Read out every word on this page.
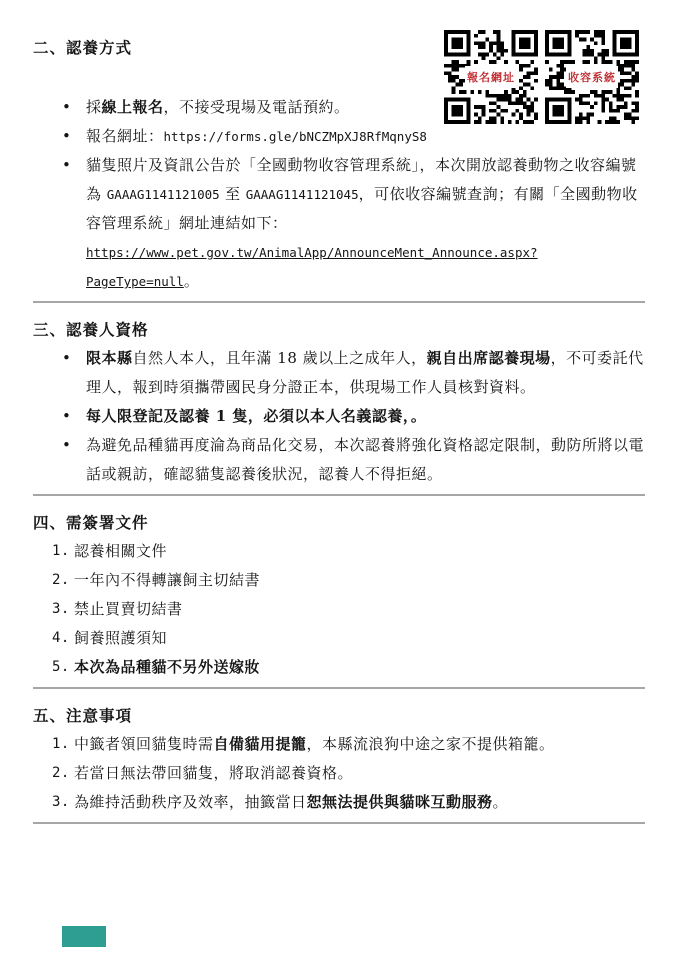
報名網址	收容系統
二、認養方式
•

採線上報名，不接受現場及電話預約。

•

報名網址：https://forms.gle/bNCZMpXJ8RfMqnyS8

•

貓隻照片及資訊公告於「全國動物收容管理系統」，本次開放認養動物之收容編號為 GAAAG1141121005 至 GAAAG1141121045，可依收容編號查詢；有關「全國動物收容管理系統」網址連結如下：https://www.pet.gov.tw/AnimalApp/AnnounceMent_Announce.aspx?PageType=null。

三、認養人資格
•

限本縣自然人本人，且年滿 18 歲以上之成年人，親自出席認養現場，不可委託代理人，報到時須攜帶國民身分證正本，供現場工作人員核對資料。

•

每人限登記及認養 1 隻，必須以本人名義認養，。

•

為避免品種貓再度淪為商品化交易，本次認養將強化資格認定限制，動防所將以電話或親訪，確認貓隻認養後狀況，認養人不得拒絕。

四、需簽署文件
1. 認養相關文件

2. 一年內不得轉讓飼主切結書

3. 禁止買賣切結書

4. 飼養照護須知

5. 本次為品種貓不另外送嫁妝

五、注意事項
1. 中籤者領回貓隻時需自備貓用提籠，本縣流浪狗中途之家不提供箱籠。

2. 若當日無法帶回貓隻，將取消認養資格。

3. 為維持活動秩序及效率，抽籤當日恕無法提供與貓咪互動服務。
